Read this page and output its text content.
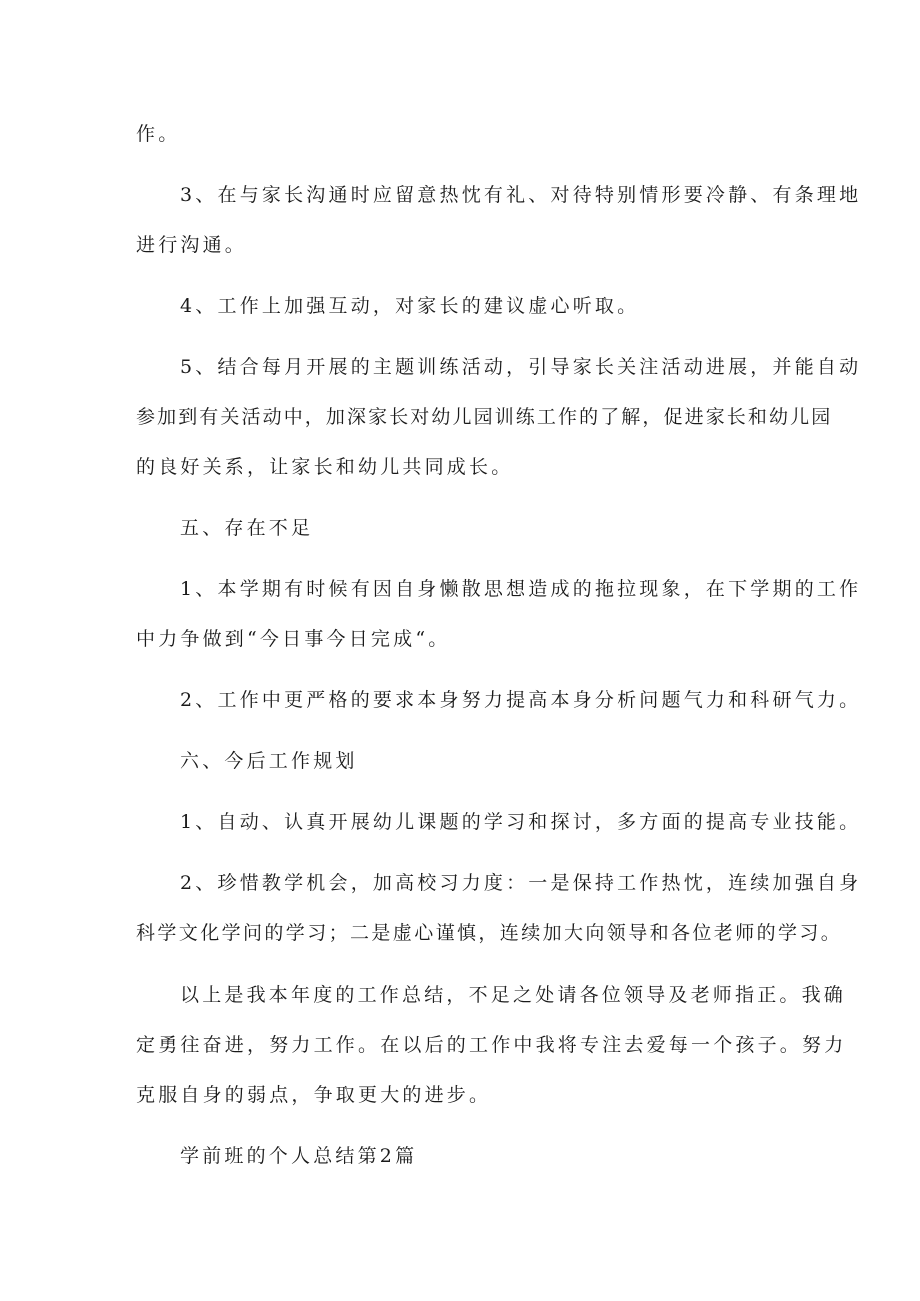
作。
3、在与家长沟通时应留意热忱有礼、对待特别情形要冷静、有条理地
进行沟通。
4、工作上加强互动，对家长的建议虚心听取。
5、结合每月开展的主题训练活动，引导家长关注活动进展，并能自动
参加到有关活动中，加深家长对幼儿园训练工作的了解，促进家长和幼儿园
的良好关系，让家长和幼儿共同成长。
五、存在不足
1、本学期有时候有因自身懒散思想造成的拖拉现象，在下学期的工作
中力争做到“今日事今日完成“。
2、工作中更严格的要求本身努力提高本身分析问题气力和科研气力。
六、今后工作规划
1、自动、认真开展幼儿课题的学习和探讨，多方面的提高专业技能。
2、珍惜教学机会，加高校习力度：一是保持工作热忱，连续加强自身
科学文化学问的学习；二是虚心谨慎，连续加大向领导和各位老师的学习。
以上是我本年度的工作总结，不足之处请各位领导及老师指正。我确
定勇往奋进，努力工作。在以后的工作中我将专注去爱每一个孩子。努力
克服自身的弱点，争取更大的进步。
学前班的个人总结第2篇
